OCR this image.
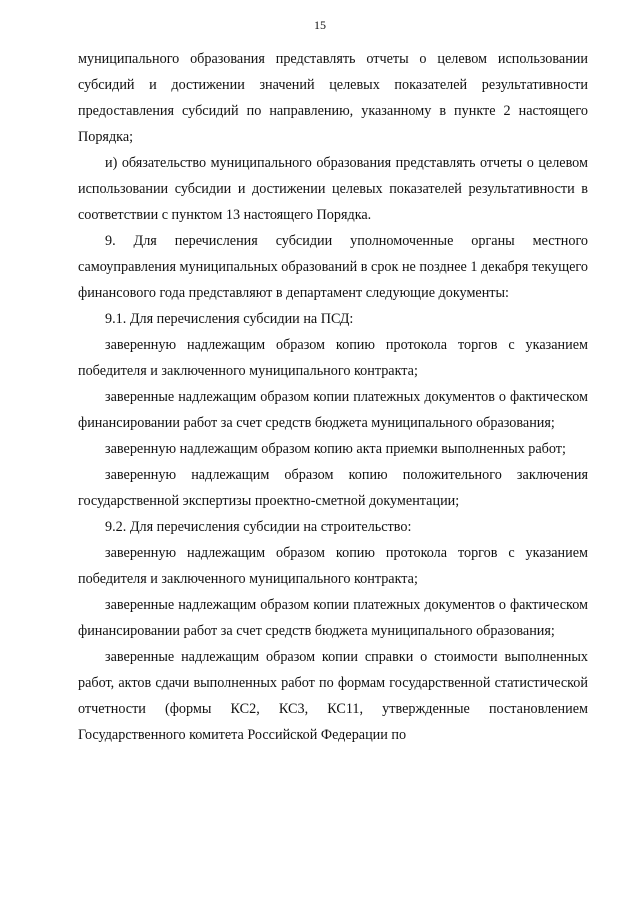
15

муниципального образования представлять отчеты о целевом использовании субсидий и достижении значений целевых показателей результативности предоставления субсидий по направлению, указанному в пункте 2 настоящего Порядка;

и) обязательство муниципального образования представлять отчеты о целевом использовании субсидии и достижении целевых показателей результативности в соответствии с пунктом 13 настоящего Порядка.

9. Для перечисления субсидии уполномоченные органы местного самоуправления муниципальных образований в срок не позднее 1 декабря текущего финансового года представляют в департамент следующие документы:

9.1. Для перечисления субсидии на ПСД:

заверенную надлежащим образом копию протокола торгов с указанием победителя и заключенного муниципального контракта;

заверенные надлежащим образом копии платежных документов о фактическом финансировании работ за счет средств бюджета муниципального образования;

заверенную надлежащим образом копию акта приемки выполненных работ;

заверенную надлежащим образом копию положительного заключения государственной экспертизы проектно-сметной документации;

9.2. Для перечисления субсидии на строительство:

заверенную надлежащим образом копию протокола торгов с указанием победителя и заключенного муниципального контракта;

заверенные надлежащим образом копии платежных документов о фактическом финансировании работ за счет средств бюджета муниципального образования;

заверенные надлежащим образом копии справки о стоимости выполненных работ, актов сдачи выполненных работ по формам государственной статистической отчетности (формы КС2, КС3, КС11, утвержденные постановлением Государственного комитета Российской Федерации по
